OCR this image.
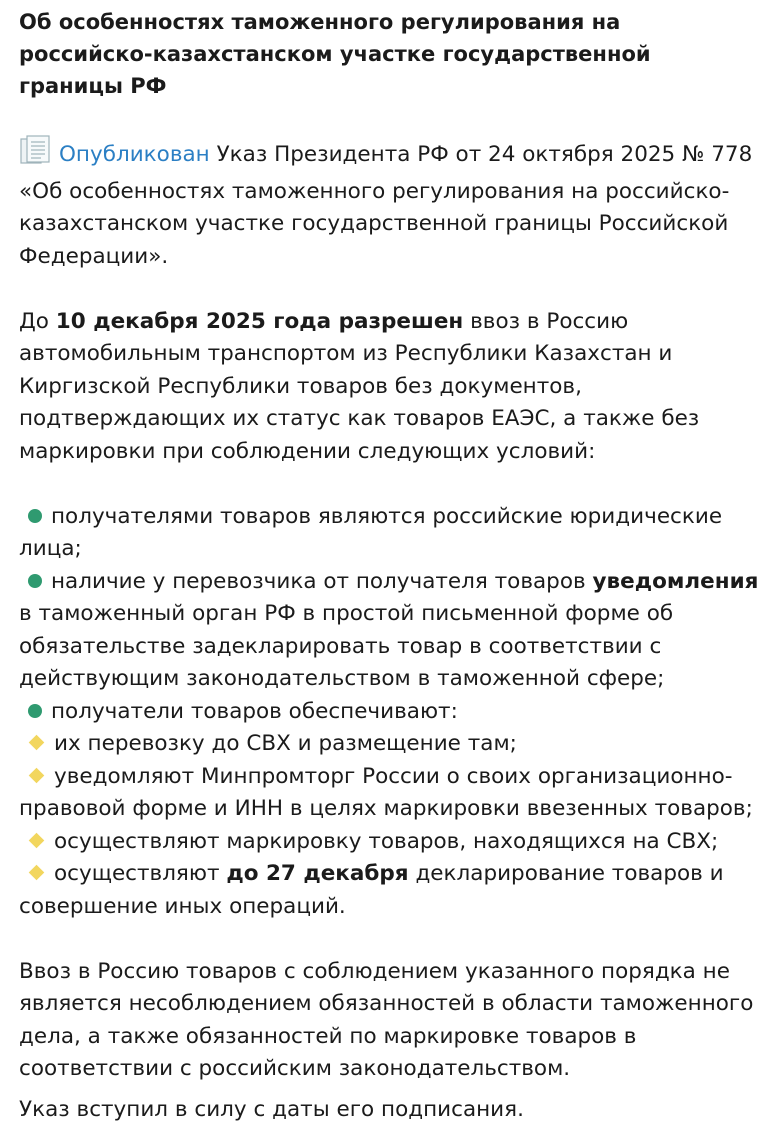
Об особенностях таможенного регулирования на российско-казахстанском участке государственной границы РФ

Опубликован Указ Президента РФ от 24 октября 2025 № 778 «Об особенностях таможенного регулирования на российско-казахстанском участке государственной границы Российской Федерации».

До 10 декабря 2025 года разрешен ввоз в Россию автомобильным транспортом из Республики Казахстан и Киргизской Республики товаров без документов, подтверждающих их статус как товаров ЕАЭС, а также без маркировки при соблюдении следующих условий:

получателями товаров являются российские юридические лица;

наличие у перевозчика от получателя товаров уведомления в таможенный орган РФ в простой письменной форме об обязательстве задекларировать товар в соответствии с действующим законодательством в таможенной сфере;

получатели товаров обеспечивают:

их перевозку до СВХ и размещение там;

уведомляют Минпромторг России о своих организационно-правовой форме и ИНН в целях маркировки ввезенных товаров;

осуществляют маркировку товаров, находящихся на СВХ;

осуществляют до 27 декабря декларирование товаров и совершение иных операций.

Ввоз в Россию товаров с соблюдением указанного порядка не является несоблюдением обязанностей в области таможенного дела, а также обязанностей по маркировке товаров в соответствии с российским законодательством.

Указ вступил в силу с даты его подписания.
